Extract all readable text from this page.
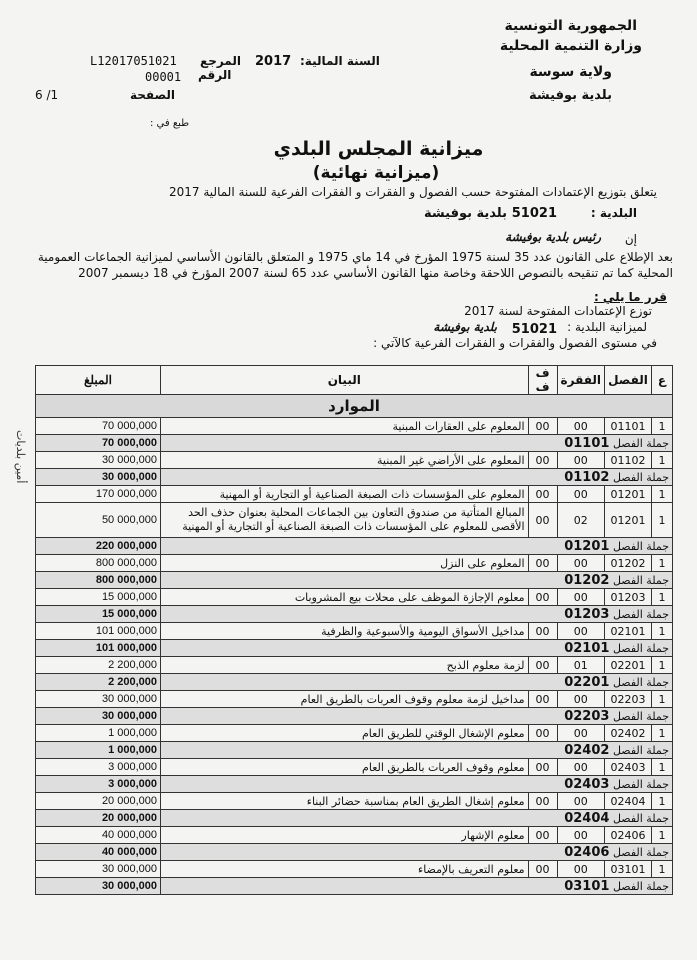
الجمهورية التونسية
وزارة التنمية المحلية
ولاية سوسة
بلدية بوفيشة
السنة المالية:
2017
المرجع
L12017051021
الرقم
00001
الصفحة
6 /1
طبع في :
ميزانية المجلس البلدي
(ميزانية نهائية)
يتعلق بتوزيع الإعتمادات المفتوحة حسب الفصول و الفقرات و الفقرات الفرعية للسنة المالية 2017
البلدية :
51021
بلدية بوفيشة
إن
رئيس بلدية بوفيشة
بعد الإطلاع على القانون عدد 35 لسنة 1975 المؤرخ في 14 ماي 1975 و المتعلق بالقانون الأساسي لميزانية الجماعات العمومية المحلية كما تم تنقيحه بالنصوص اللاحقة وخاصة منها القانون الأساسي عدد 65 لسنة 2007 المؤرخ في 18 ديسمبر 2007
قرر ما يلي :
توزع الإعتمادات المفتوحة لسنة 2017
لميزانية البلدية :
51021
بلدية بوفيشة
في مستوى الفصول والفقرات و الفقرات الفرعية كالآتي :
أمين بلديات
المبلغ	البيان	ف ف	الفقرة	الفصل	ع
الموارد					
70 000,000	المعلوم على العقارات المبنية	00	00	01101	1
70 000,000	جملة الفصل 01101				
30 000,000	المعلوم على الأراضي غير المبنية	00	00	01102	1
30 000,000	جملة الفصل 01102				
170 000,000	المعلوم على المؤسسات ذات الصبغة الصناعية أو التجارية أو المهنية	00	00	01201	1
50 000,000	المبالغ المتأتية من صندوق التعاون بين الجماعات المحلية بعنوان حذف الحد الأقصى للمعلوم على المؤسسات ذات الصبغة الصناعية أو التجارية أو المهنية	00	02	01201	1
220 000,000	جملة الفصل 01201				
800 000,000	المعلوم على النزل	00	00	01202	1
800 000,000	جملة الفصل 01202				
15 000,000	معلوم الإجازة الموظف على محلات بيع المشروبات	00	00	01203	1
15 000,000	جملة الفصل 01203				
101 000,000	مداخيل الأسواق اليومية والأسبوعية والظرفية	00	00	02101	1
101 000,000	جملة الفصل 02101				
2 200,000	لزمة معلوم الذبح	00	01	02201	1
2 200,000	جملة الفصل 02201				
30 000,000	مداخيل لزمة معلوم وقوف العربات بالطريق العام	00	00	02203	1
30 000,000	جملة الفصل 02203				
1 000,000	معلوم الإشغال الوقتي للطريق العام	00	00	02402	1
1 000,000	جملة الفصل 02402				
3 000,000	معلوم وقوف العربات بالطريق العام	00	00	02403	1
3 000,000	جملة الفصل 02403				
20 000,000	معلوم إشغال الطريق العام بمناسبة حضائر البناء	00	00	02404	1
20 000,000	جملة الفصل 02404				
40 000,000	معلوم الإشهار	00	00	02406	1
40 000,000	جملة الفصل 02406				
30 000,000	معلوم التعريف بالإمضاء	00	00	03101	1
30 000,000	جملة الفصل 03101				
